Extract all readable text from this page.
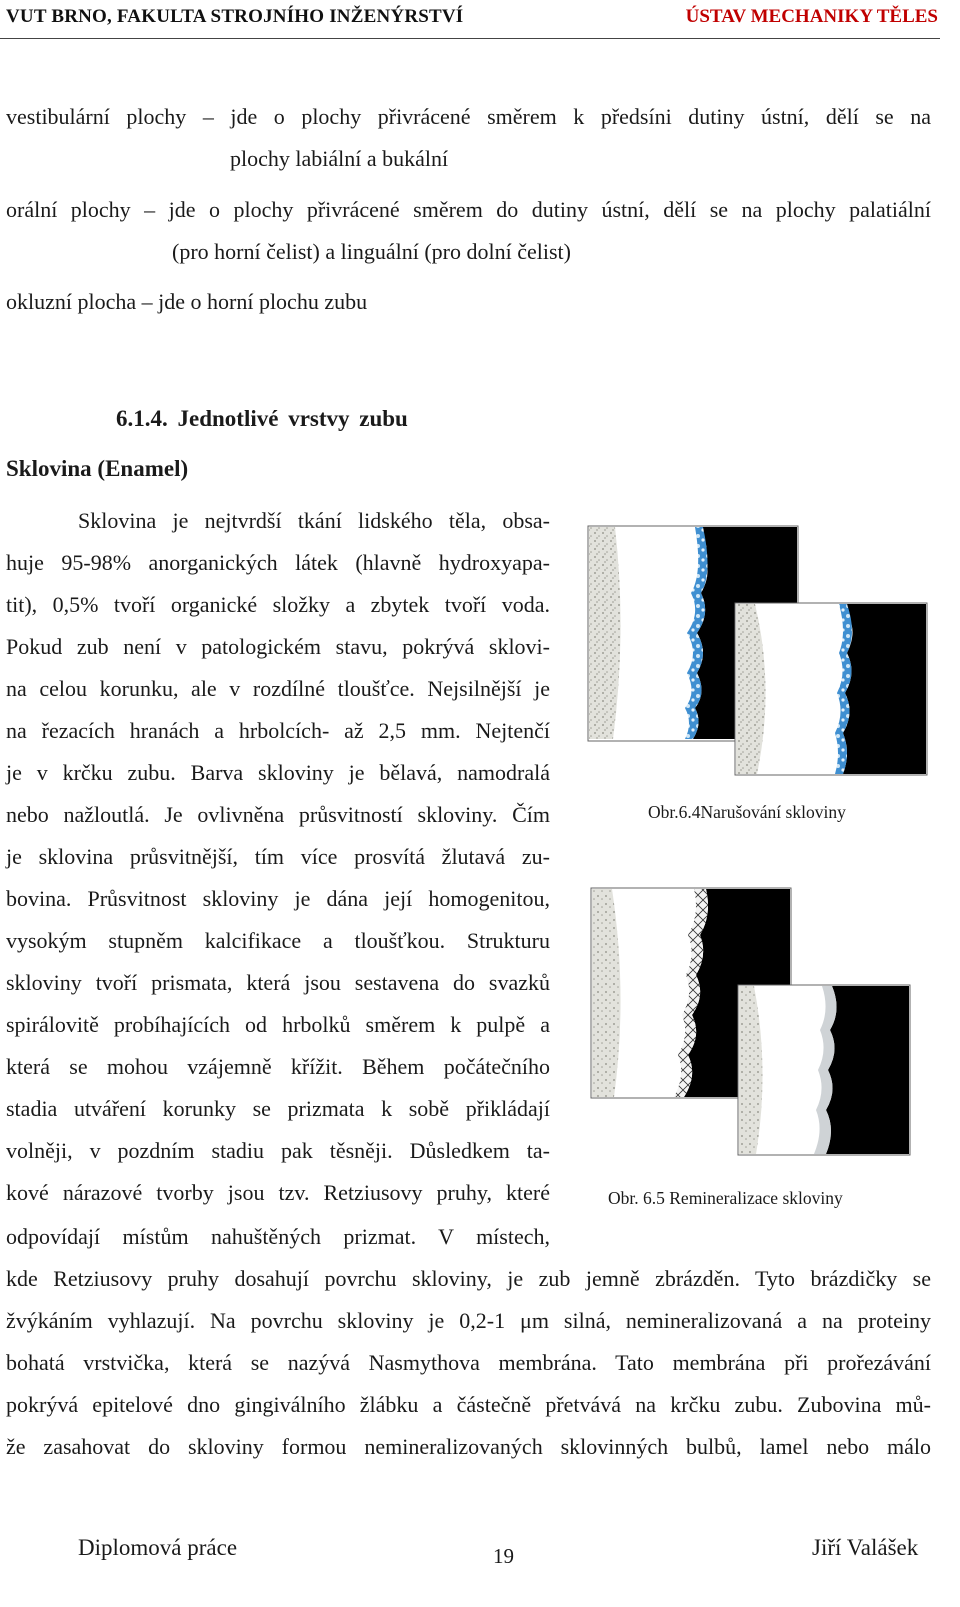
VUT BRNO, FAKULTA STROJNÍHO INŽENÝRSTVÍ	ÚSTAV MECHANIKY TĚLES
vestibulární plochy – jde o plochy přivrácené směrem k předsíni dutiny ústní, dělí se na
plochy labiální a bukální
orální plochy – jde o plochy přivrácené směrem do dutiny ústní, dělí se na plochy palatiální
(pro horní čelist) a linguální (pro dolní čelist)
okluzní plocha – jde o horní plochu zubu
6.1.4. Jednotlivé vrstvy zubu
Sklovina (Enamel)
Sklovina je nejtvrdší tkání lidského těla, obsa-
huje 95-98% anorganických látek (hlavně hydroxyapa-
tit), 0,5% tvoří organické složky a zbytek tvoří voda.
Pokud zub není v patologickém stavu, pokrývá sklovi-
na celou korunku, ale v rozdílné tloušťce. Nejsilnější je
na řezacích hranách a hrbolcích- až 2,5 mm. Nejtenčí
je v krčku zubu. Barva skloviny je bělavá, namodralá
nebo nažloutlá. Je ovlivněna průsvitností skloviny. Čím
je sklovina průsvitnější, tím více prosvítá žlutavá zu-
bovina. Průsvitnost skloviny je dána její homogenitou,
vysokým stupněm kalcifikace a tloušťkou. Strukturu
skloviny tvoří prismata, která jsou sestavena do svazků
spirálovitě probíhajících od hrbolků směrem k pulpě a
která se mohou vzájemně křížit. Během počátečního
stadia utváření korunky se prizmata k sobě přikládají
volněji, v pozdním stadiu pak těsněji. Důsledkem ta-
kové nárazové tvorby jsou tzv. Retziusovy pruhy, které
odpovídají místům nahuštěných prizmat. V místech,
kde Retziusovy pruhy dosahují povrchu skloviny, je zub jemně zbrázděn. Tyto brázdičky se
žvýkáním vyhlazují. Na povrchu skloviny je 0,2-1 μm silná, nemineralizovaná a na proteiny
bohatá vrstvička, která se nazývá Nasmythova membrána. Tato membrána při prořezávání
pokrývá epitelové dno gingiválního žlábku a částečně přetvává na krčku zubu. Zubovina mů-
že zasahovat do skloviny formou nemineralizovaných sklovinných bulbů, lamel nebo málo
Obr.6.4Narušování skloviny
Obr. 6.5 Remineralizace skloviny
Diplomová práce	19	Jiří Valášek
